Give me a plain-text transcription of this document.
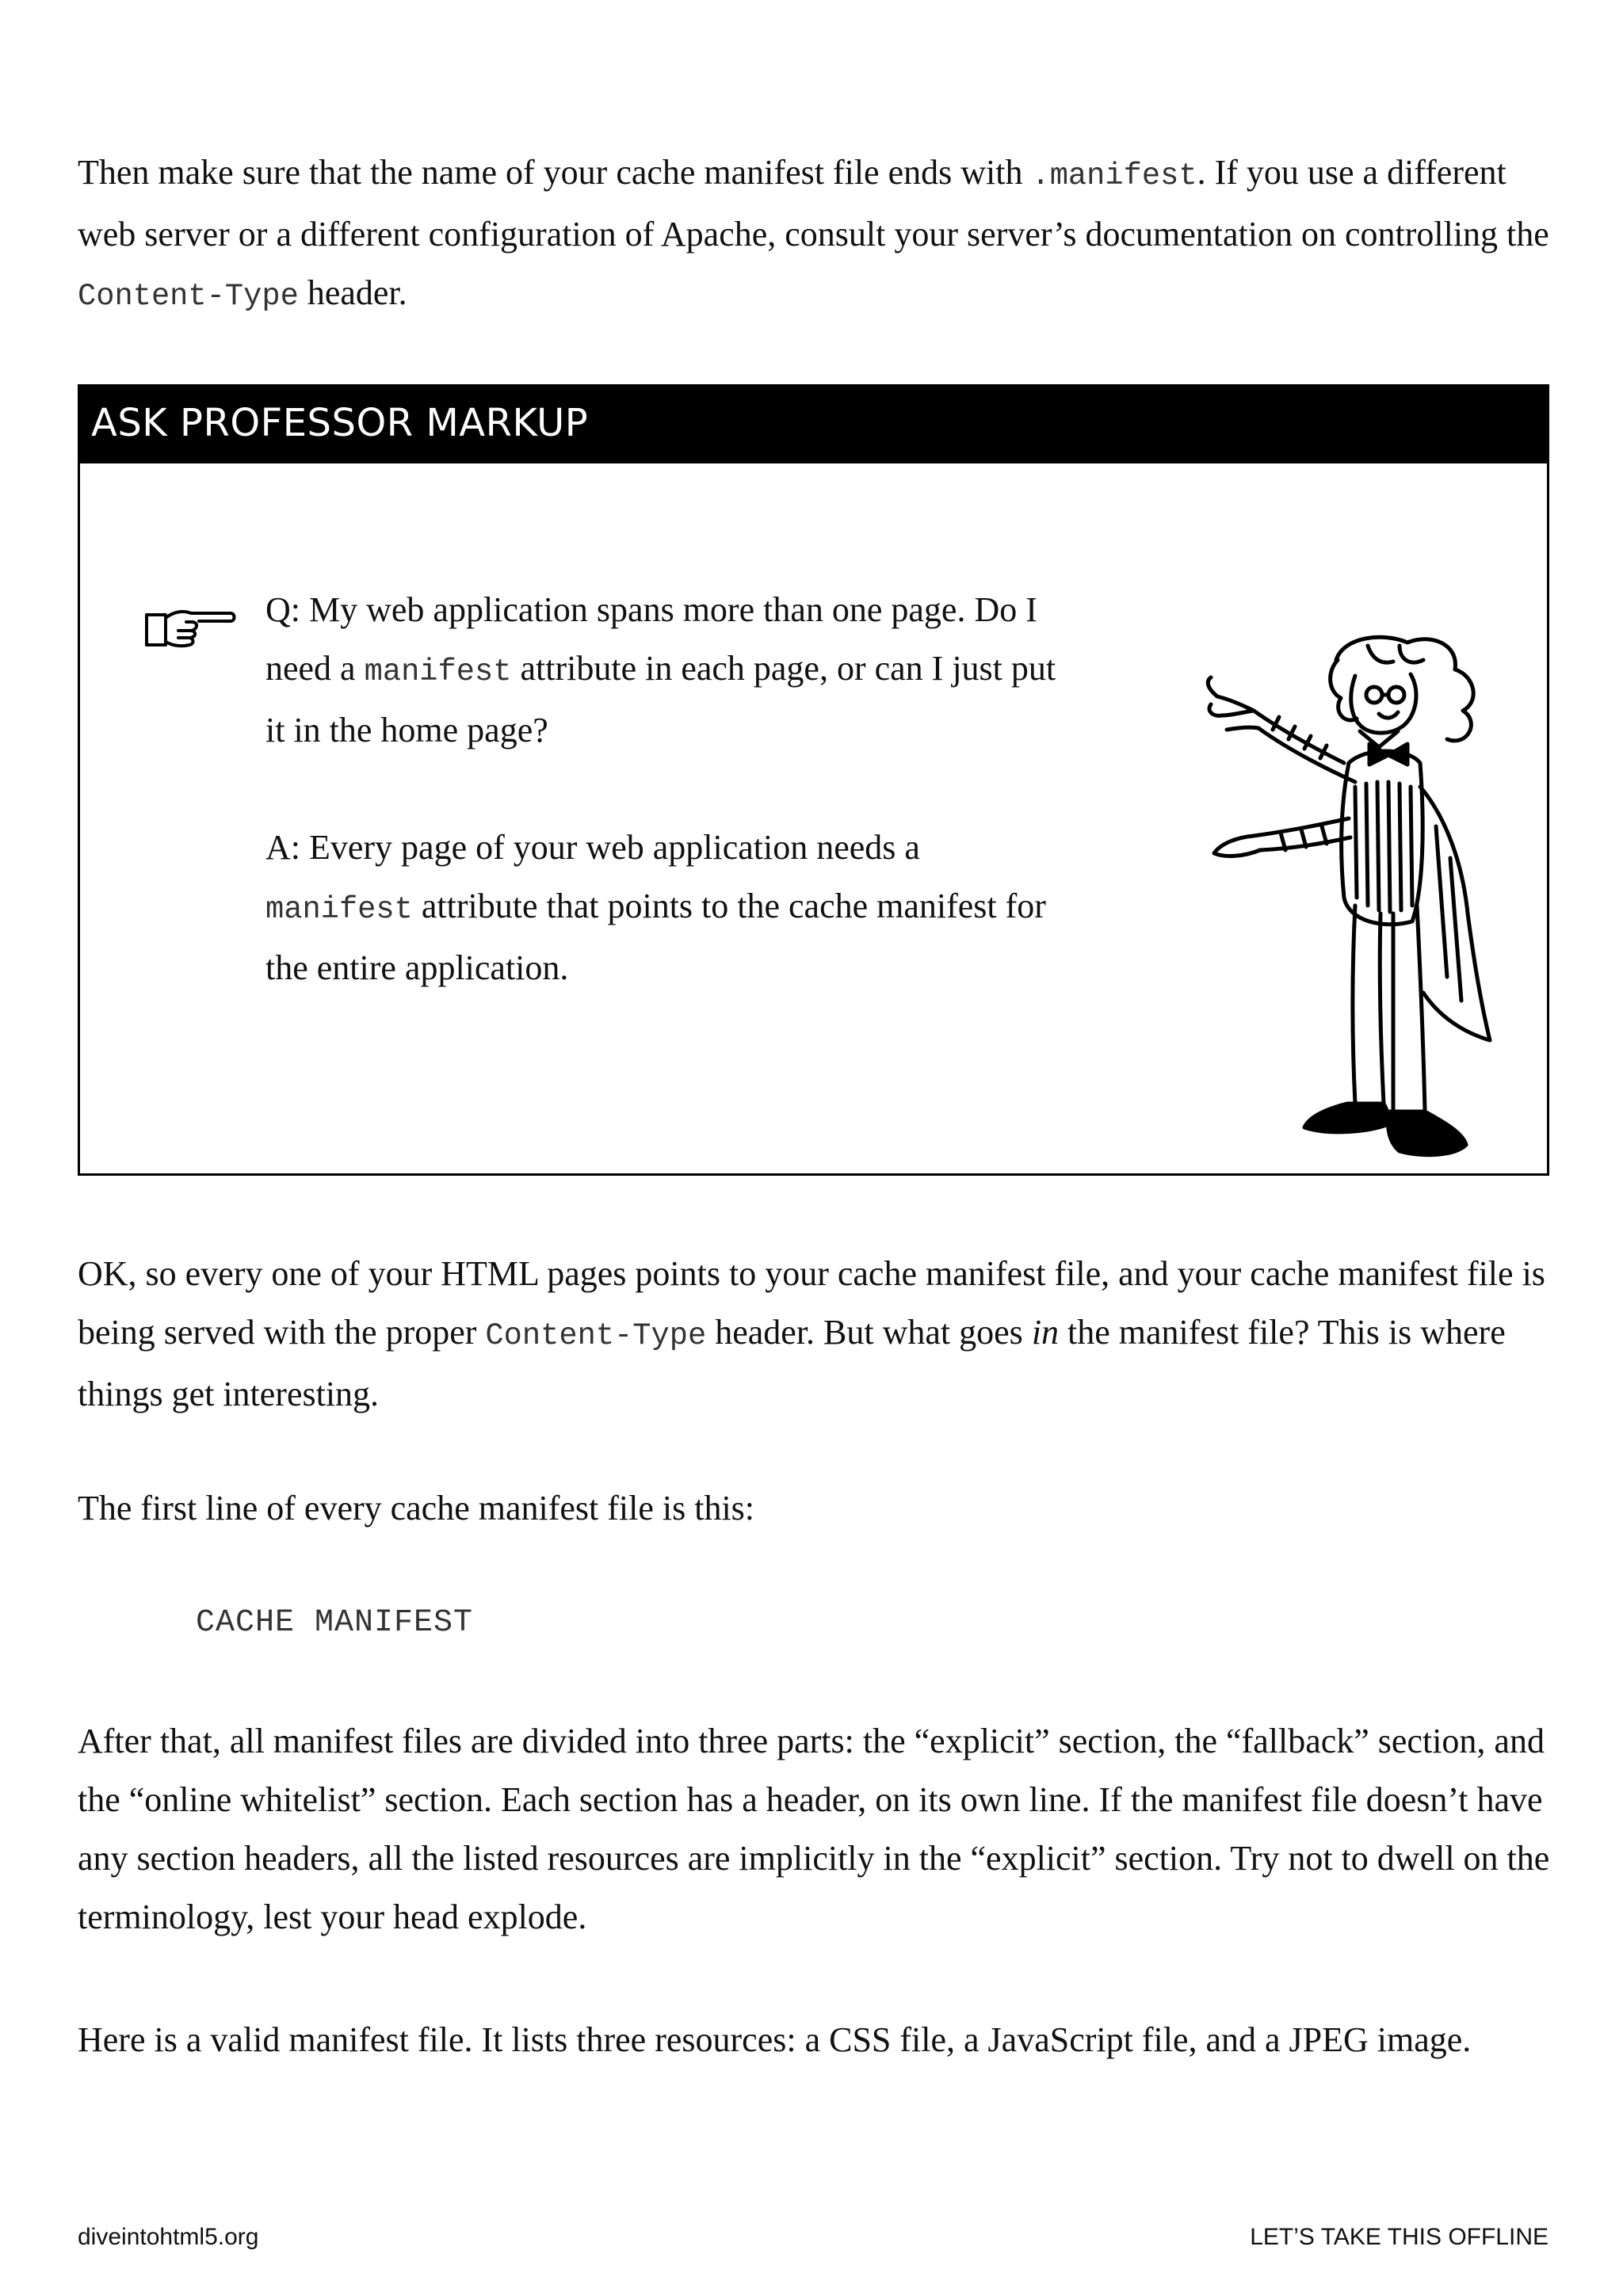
Then make sure that the name of your cache manifest file ends with .manifest. If you use a different web server or a different configuration of Apache, consult your server’s documentation on controlling the Content-Type header.
ASK PROFESSOR MARKUP

Q: My web application spans more than one page. Do I need a manifest attribute in each page, or can I just put it in the home page?

A: Every page of your web application needs a manifest attribute that points to the cache manifest for the entire application.

OK, so every one of your HTML pages points to your cache manifest file, and your cache manifest file is being served with the proper Content-Type header. But what goes in the manifest file? This is where things get interesting.
The first line of every cache manifest file is this:
CACHE MANIFEST
After that, all manifest files are divided into three parts: the “explicit” section, the “fallback” section, and the “online whitelist” section. Each section has a header, on its own line. If the manifest file doesn’t have any section headers, all the listed resources are implicitly in the “explicit” section. Try not to dwell on the terminology, lest your head explode.
Here is a valid manifest file. It lists three resources: a CSS file, a JavaScript file, and a JPEG image.
diveintohtml5.org	LET’S TAKE THIS OFFLINE
